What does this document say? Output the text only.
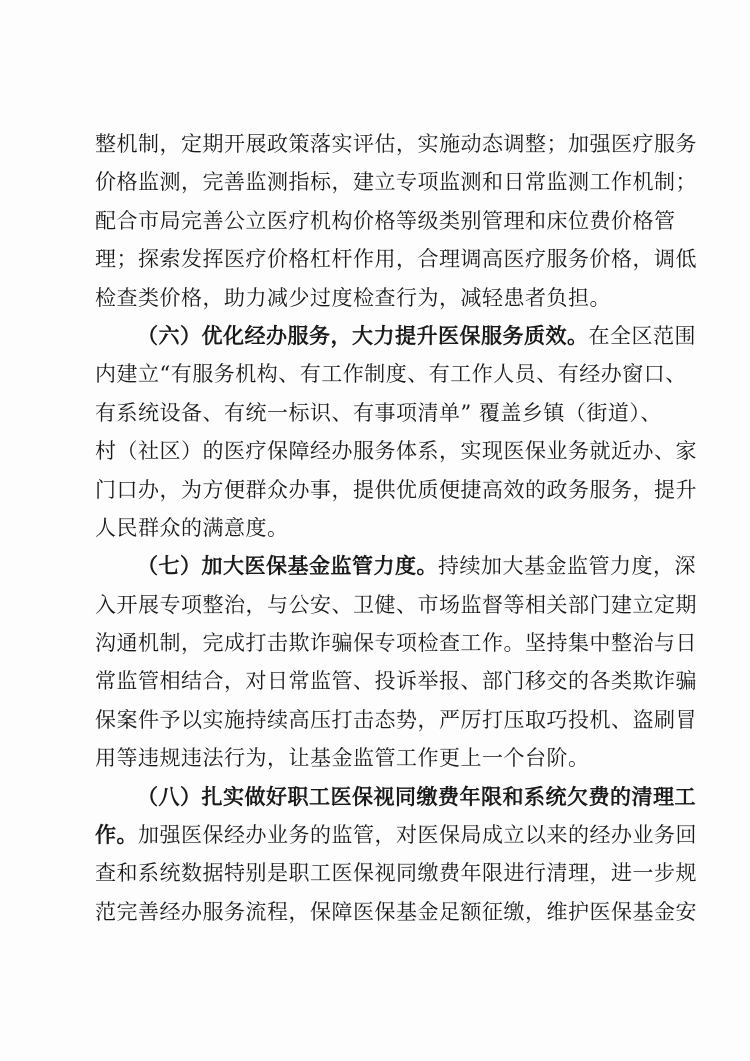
整机制，定期开展政策落实评估，实施动态调整；加强医疗服务
价格监测，完善监测指标，建立专项监测和日常监测工作机制；
配合市局完善公立医疗机构价格等级类别管理和床位费价格管
理；探索发挥医疗价格杠杆作用，合理调高医疗服务价格，调低
检查类价格，助力减少过度检查行为，减轻患者负担。
（六）优化经办服务，大力提升医保服务质效。在全区范围
内建立“有服务机构、有工作制度、有工作人员、有经办窗口、
有系统设备、有统一标识、有事项清单” 覆盖乡镇（街道）、
村（社区）的医疗保障经办服务体系，实现医保业务就近办、家
门口办，为方便群众办事，提供优质便捷高效的政务服务，提升
人民群众的满意度。
（七）加大医保基金监管力度。持续加大基金监管力度，深
入开展专项整治，与公安、卫健、市场监督等相关部门建立定期
沟通机制，完成打击欺诈骗保专项检查工作。坚持集中整治与日
常监管相结合，对日常监管、投诉举报、部门移交的各类欺诈骗
保案件予以实施持续高压打击态势，严厉打压取巧投机、盗刷冒
用等违规违法行为，让基金监管工作更上一个台阶。
（八）扎实做好职工医保视同缴费年限和系统欠费的清理工
作。加强医保经办业务的监管，对医保局成立以来的经办业务回
查和系统数据特别是职工医保视同缴费年限进行清理，进一步规
范完善经办服务流程，保障医保基金足额征缴，维护医保基金安
